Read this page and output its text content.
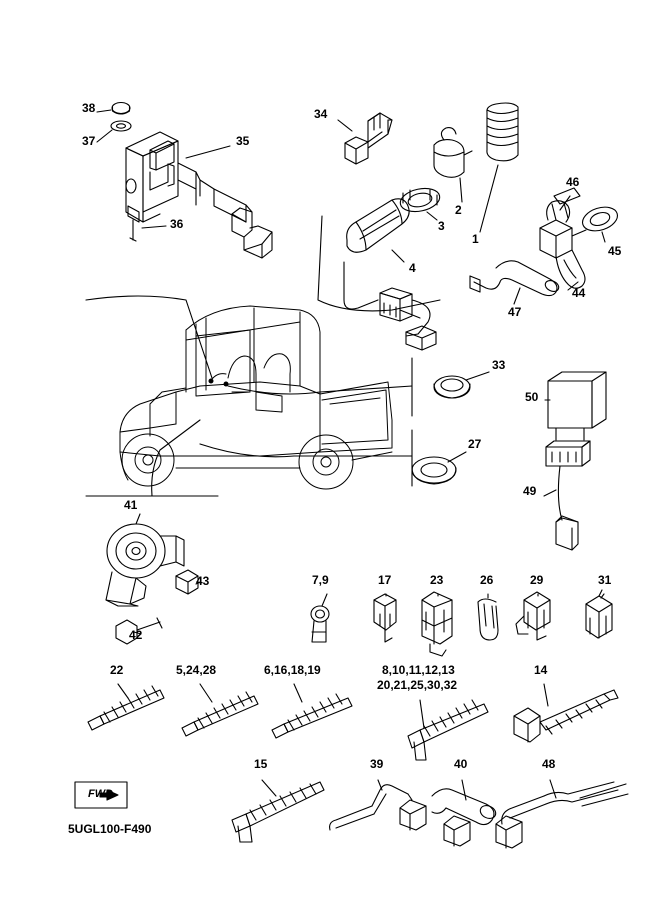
38
37	35
36
34
2
3
1
4
46
45
44
47
33
50
27
49
41
43
42
7,9	17	23	26	29	31
22	5,24,28	6,16,18,19	8,10,11,12,13
20,21,25,30,32
14
15	39	40	48
FWD
5UGL100-F490
